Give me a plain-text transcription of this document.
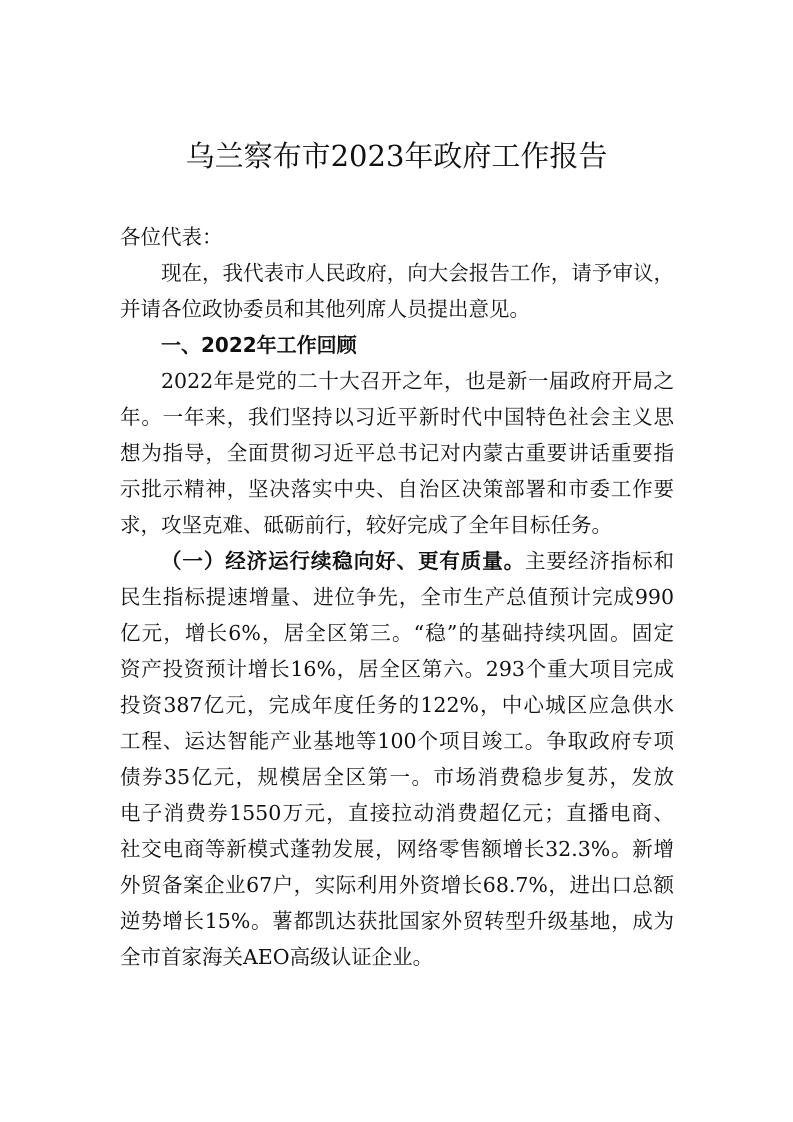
乌兰察布市2023年政府工作报告
各位代表：
现在，我代表市人民政府，向大会报告工作，请予审议，
并请各位政协委员和其他列席人员提出意见。
一、2022年工作回顾
2022年是党的二十大召开之年，也是新一届政府开局之
年。一年来，我们坚持以习近平新时代中国特色社会主义思
想为指导，全面贯彻习近平总书记对内蒙古重要讲话重要指
示批示精神，坚决落实中央、自治区决策部署和市委工作要
求，攻坚克难、砥砺前行，较好完成了全年目标任务。
（一）经济运行续稳向好、更有质量。主要经济指标和
民生指标提速增量、进位争先，全市生产总值预计完成990
亿元，增长6%，居全区第三。“稳”的基础持续巩固。固定
资产投资预计增长16%，居全区第六。293个重大项目完成
投资387亿元，完成年度任务的122%，中心城区应急供水
工程、运达智能产业基地等100个项目竣工。争取政府专项
债券35亿元，规模居全区第一。市场消费稳步复苏，发放
电子消费券1550万元，直接拉动消费超亿元；直播电商、
社交电商等新模式蓬勃发展，网络零售额增长32.3%。新增
外贸备案企业67户，实际利用外资增长68.7%，进出口总额
逆势增长15%。薯都凯达获批国家外贸转型升级基地，成为
全市首家海关AEO高级认证企业。
